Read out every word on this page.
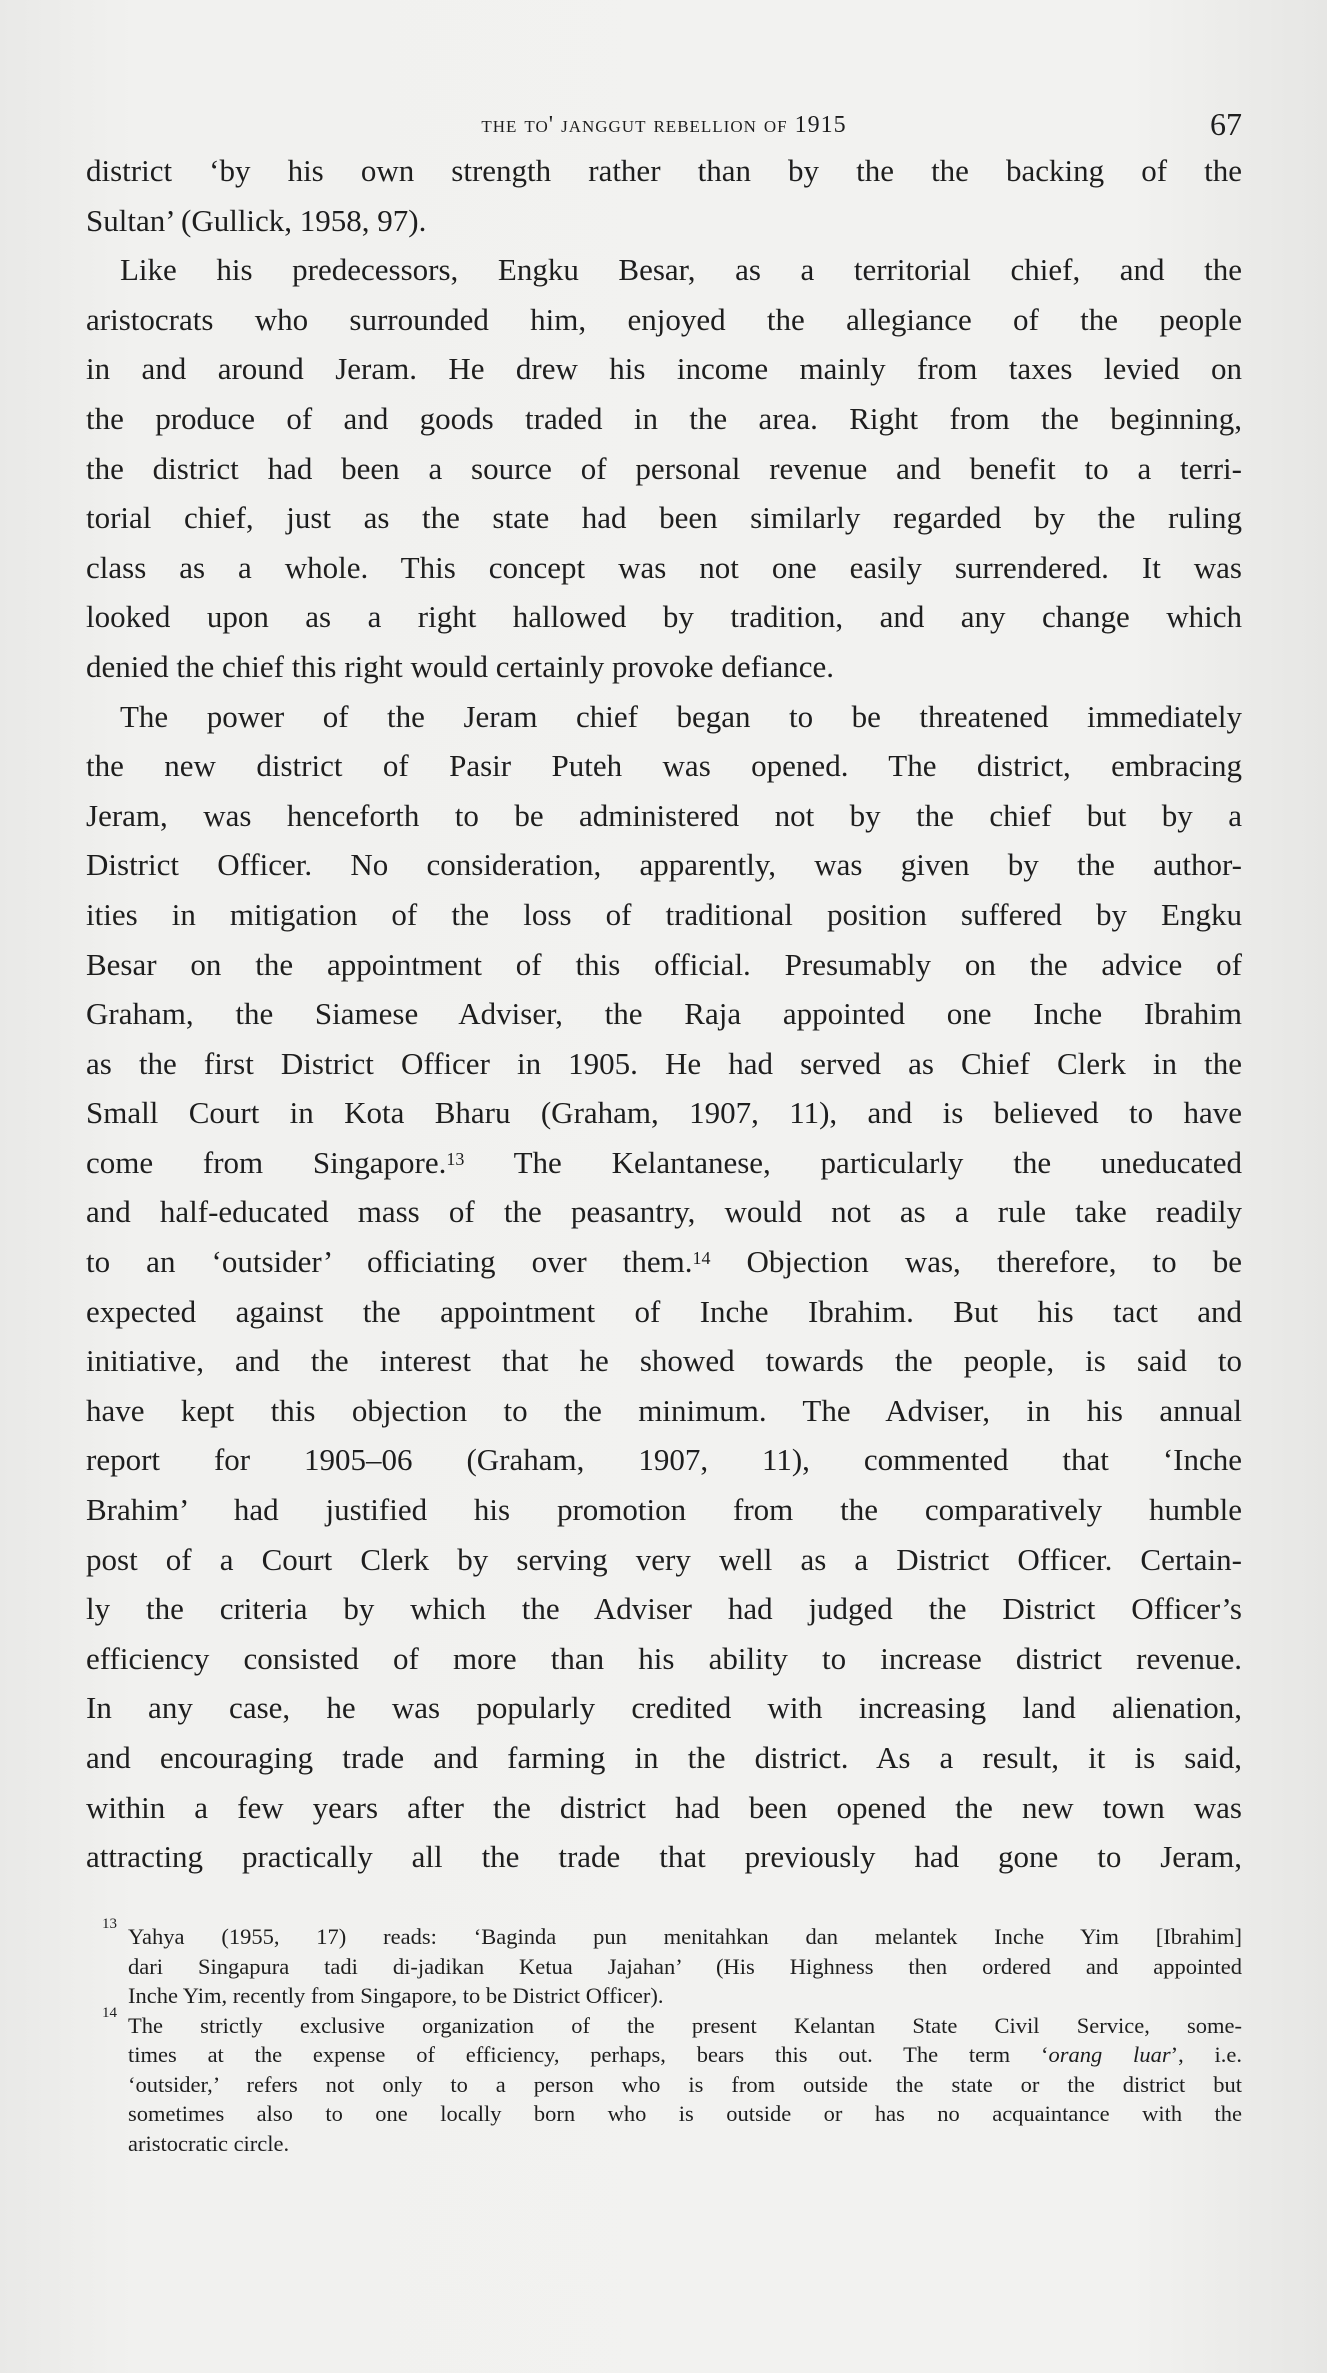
the to' janggut rebellion of 1915	67
district ‘by his own strength rather than by the the backing of the
Sultan’ (Gullick, 1958, 97).
Like his predecessors, Engku Besar, as a territorial chief, and the
aristocrats who surrounded him, enjoyed the allegiance of the people
in and around Jeram. He drew his income mainly from taxes levied on
the produce of and goods traded in the area. Right from the beginning,
the district had been a source of personal revenue and benefit to a terri-
torial chief, just as the state had been similarly regarded by the ruling
class as a whole. This concept was not one easily surrendered. It was
looked upon as a right hallowed by tradition, and any change which
denied the chief this right would certainly provoke defiance.
The power of the Jeram chief began to be threatened immediately
the new district of Pasir Puteh was opened. The district, embracing
Jeram, was henceforth to be administered not by the chief but by a
District Officer. No consideration, apparently, was given by the author-
ities in mitigation of the loss of traditional position suffered by Engku
Besar on the appointment of this official. Presumably on the advice of
Graham, the Siamese Adviser, the Raja appointed one Inche Ibrahim
as the first District Officer in 1905. He had served as Chief Clerk in the
Small Court in Kota Bharu (Graham, 1907, 11), and is believed to have
come from Singapore.$^{13}$ The Kelantanese, particularly the uneducated
and half-educated mass of the peasantry, would not as a rule take readily
to an ‘outsider’ officiating over them.$^{14}$ Objection was, therefore, to be
expected against the appointment of Inche Ibrahim. But his tact and
initiative, and the interest that he showed towards the people, is said to
have kept this objection to the minimum. The Adviser, in his annual
report for 1905–06 (Graham, 1907, 11), commented that ‘Inche
Brahim’ had justified his promotion from the comparatively humble
post of a Court Clerk by serving very well as a District Officer. Certain-
ly the criteria by which the Adviser had judged the District Officer’s
efficiency consisted of more than his ability to increase district revenue.
In any case, he was popularly credited with increasing land alienation,
and encouraging trade and farming in the district. As a result, it is said,
within a few years after the district had been opened the new town was
attracting practically all the trade that previously had gone to Jeram,
13 Yahya (1955, 17) reads: ‘Baginda pun menitahkan dan melantek Inche Yim [Ibrahim]
dari Singapura tadi di-jadikan Ketua Jajahan’ (His Highness then ordered and appointed
Inche Yim, recently from Singapore, to be District Officer).
14 The strictly exclusive organization of the present Kelantan State Civil Service, some-
times at the expense of efficiency, perhaps, bears this out. The term ‘orang luar’, i.e.
‘outsider,’ refers not only to a person who is from outside the state or the district but
sometimes also to one locally born who is outside or has no acquaintance with the
aristocratic circle.
